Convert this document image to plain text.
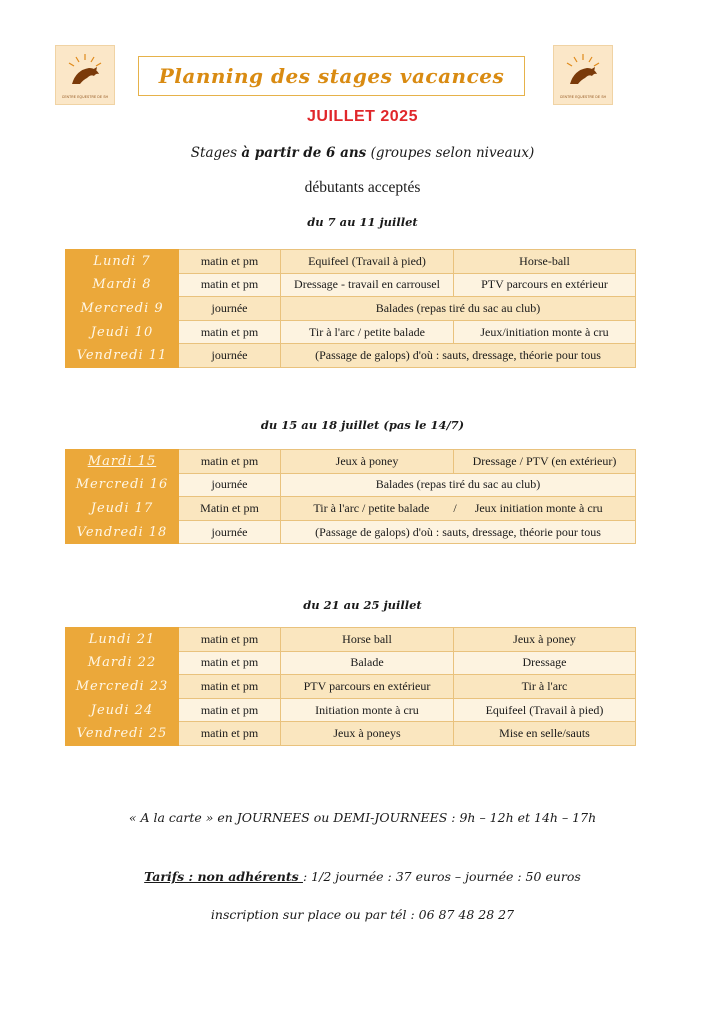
CENTRE EQUESTRE DE SH	CENTRE EQUESTRE DE SH
Planning des stages vacances
JUILLET 2025
Stages à partir de 6 ans (groupes selon niveaux)
débutants acceptés
du 7 au 11 juillet
Lundi 7	matin et pm	Equifeel (Travail à pied)	Horse-ball
Mardi 8	matin et pm	Dressage - travail en carrousel	PTV parcours en extérieur
Mercredi 9	journée	Balades (repas tiré du sac au club)	
Jeudi 10	matin et pm	Tir à l'arc / petite balade	Jeux/initiation monte à cru
Vendredi 11	journée	(Passage de galops) d'où : sauts, dressage, théorie pour tous	
du 15 au 18 juillet (pas le 14/7)
Mardi 15	matin et pm	Jeux à poney	Dressage / PTV (en extérieur)
Mercredi 16	journée	Balades (repas tiré du sac au club)	
Jeudi 17	Matin et pm	Tir à l'arc / petite balade        /      Jeux initiation monte à cru	
Vendredi 18	journée	(Passage de galops) d'où : sauts, dressage, théorie pour tous	
du 21 au 25 juillet
Lundi 21	matin et pm	Horse ball	Jeux à poney
Mardi 22	matin et pm	Balade	Dressage
Mercredi 23	matin et pm	PTV parcours en extérieur	Tir à l'arc
Jeudi 24	matin et pm	Initiation monte à cru	Equifeel (Travail à pied)
Vendredi 25	matin et pm	Jeux à poneys	Mise en selle/sauts
« A la carte » en JOURNEES ou DEMI-JOURNEES : 9h – 12h et 14h – 17h
Tarifs : non adhérents : 1/2 journée : 37 euros – journée : 50 euros
inscription sur place ou par tél : 06 87 48 28 27
